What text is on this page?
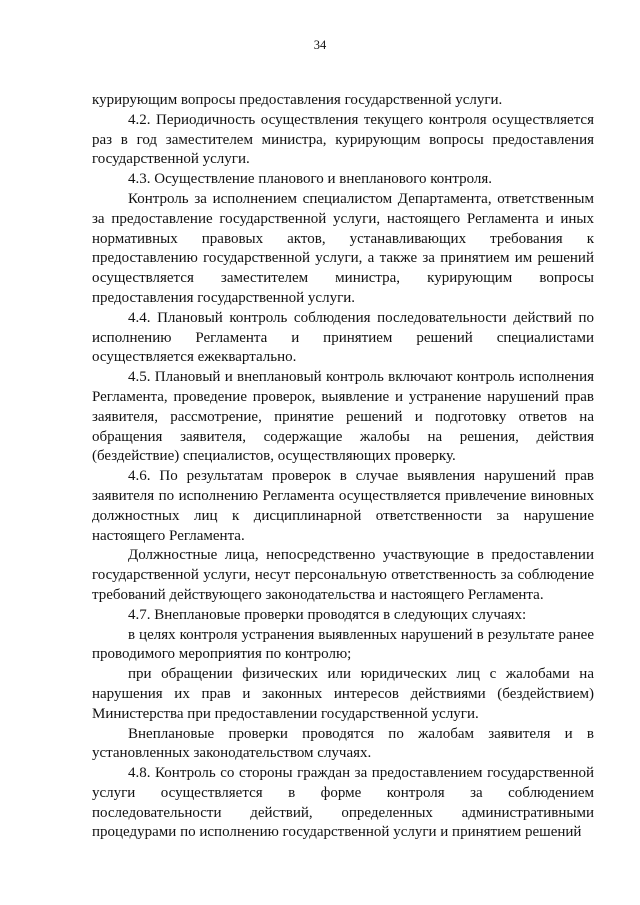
34

курирующим вопросы предоставления государственной услуги.

4.2. Периодичность осуществления текущего контроля осуществляется раз в год заместителем министра, курирующим вопросы предоставления государственной услуги.

4.3. Осуществление планового и внепланового контроля.

Контроль за исполнением специалистом Департамента, ответственным за предоставление государственной услуги, настоящего Регламента и иных нормативных правовых актов, устанавливающих требования к предоставлению государственной услуги, а также за принятием им решений осуществляется заместителем министра, курирующим вопросы предоставления государственной услуги.

4.4. Плановый контроль соблюдения последовательности действий по исполнению Регламента и принятием решений специалистами осуществляется ежеквартально.

4.5. Плановый и внеплановый контроль включают контроль исполнения Регламента, проведение проверок, выявление и устранение нарушений прав заявителя, рассмотрение, принятие решений и подготовку ответов на обращения заявителя, содержащие жалобы на решения, действия (бездействие) специалистов, осуществляющих проверку.

4.6. По результатам проверок в случае выявления нарушений прав заявителя по исполнению Регламента осуществляется привлечение виновных должностных лиц к дисциплинарной ответственности за нарушение настоящего Регламента.

Должностные лица, непосредственно участвующие в предоставлении государственной услуги, несут персональную ответственность за соблюдение требований действующего законодательства и настоящего Регламента.

4.7. Внеплановые проверки проводятся в следующих случаях:

в целях контроля устранения выявленных нарушений в результате ранее проводимого мероприятия по контролю;

при обращении физических или юридических лиц с жалобами на нарушения их прав и законных интересов действиями (бездействием) Министерства при предоставлении государственной услуги.

Внеплановые проверки проводятся по жалобам заявителя и в установленных законодательством случаях.

4.8. Контроль со стороны граждан за предоставлением государственной услуги осуществляется в форме контроля за соблюдением последовательности действий, определенных административными процедурами по исполнению государственной услуги и принятием решений
